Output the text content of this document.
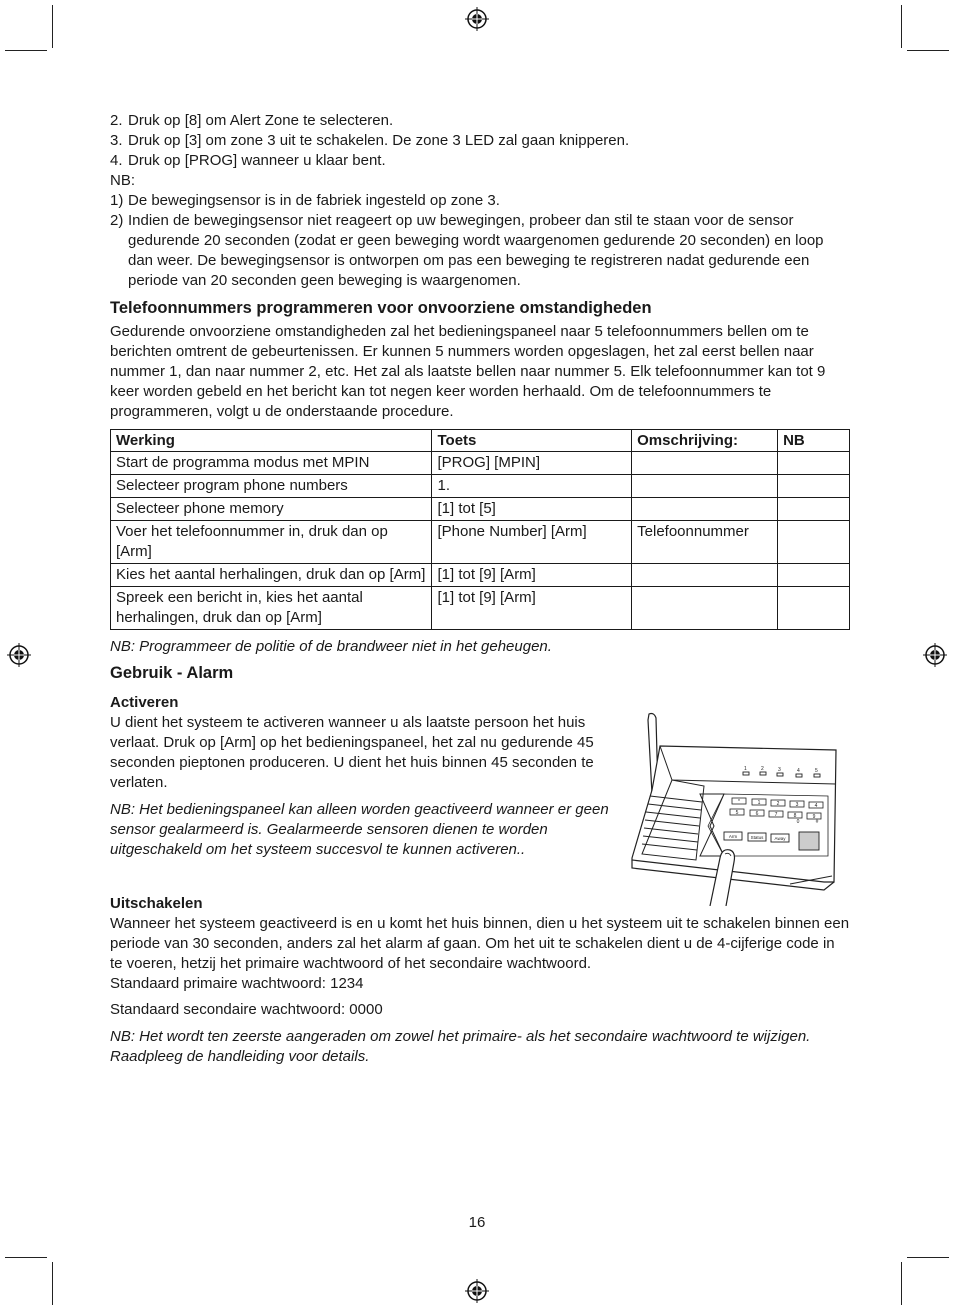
2. Druk op [8] om Alert Zone te selecteren.
3. Druk op [3] om zone 3 uit te schakelen. De zone 3 LED zal gaan knipperen.
4. Druk op [PROG] wanneer u klaar bent.
NB:
1) De bewegingsensor is in de fabriek ingesteld op zone 3.
2) Indien de bewegingsensor niet reageert op uw bewegingen, probeer dan stil te staan voor de sensor gedurende 20 seconden (zodat er geen beweging wordt waargenomen gedurende 20 seconden) en loop dan weer. De bewegingsensor is ontworpen om pas een beweging te registreren nadat gedurende een periode van 20 seconden geen beweging is waargenomen.
Telefoonnummers programmeren voor onvoorziene omstandigheden

Gedurende onvoorziene omstandigheden zal het bedieningspaneel naar 5 telefoonnummers bellen om te berichten omtrent de gebeurtenissen. Er kunnen 5 nummers worden opgeslagen, het zal eerst bellen naar nummer 1, dan naar nummer 2, etc. Het zal als laatste bellen naar nummer 5. Elk telefoonnummer kan tot 9 keer worden gebeld en het bericht kan tot negen keer worden herhaald. Om de telefoonnummers te programmeren, volgt u de onderstaande procedure.

Werking	Toets	Omschrijving:	NB
Start de programma modus met MPIN	[PROG] [MPIN]		
Selecteer program phone numbers	1.		
Selecteer phone memory	[1] tot [5]		
Voer het telefoonnummer in, druk dan op [Arm]	[Phone Number] [Arm]	Telefoonnummer	
Kies het aantal herhalingen, druk dan op [Arm]	[1] tot [9] [Arm]		
Spreek een bericht in, kies het aantal herhalingen, druk dan op [Arm]	[1] tot [9] [Arm]		

NB: Programmeer de politie of de brandweer niet in het geheugen.

Gebruik - Alarm
Activeren

U dient het systeem te activeren wanneer u als laatste persoon het huis verlaat. Druk op [Arm] op het bedieningspaneel, het zal nu gedurende 45 seconden pieptonen produceren. U dient het huis binnen 45 seconden te verlaten.

NB: Het bedieningspaneel kan alleen worden geactiveerd wanneer er geen sensor gealarmeerd is. Gealarmeerde sensoren dienen te worden uitgeschakeld om het systeem succesvol te kunnen activeren..

Uitschakelen

Wanneer het systeem geactiveerd is en u komt het huis binnen, dien u het systeem uit te schakelen binnen een periode van 30 seconden, anders zal het alarm af gaan. Om het uit te schakelen dient u de 4-cijferige code in te voeren, hetzij het primaire wachtwoord of het secondaire wachtwoord.

Standaard primaire wachtwoord: 1234

Standaard secondaire wachtwoord: 0000

NB: Het wordt ten zeerste aangeraden om zowel het primaire- als het secondaire wachtwoord te wijzigen. Raadpleeg de handleiding voor details.

1	2	3	4	5
1	2	3	4
5	6	7	8	9
*
0	#
Arm	Status Away
16
